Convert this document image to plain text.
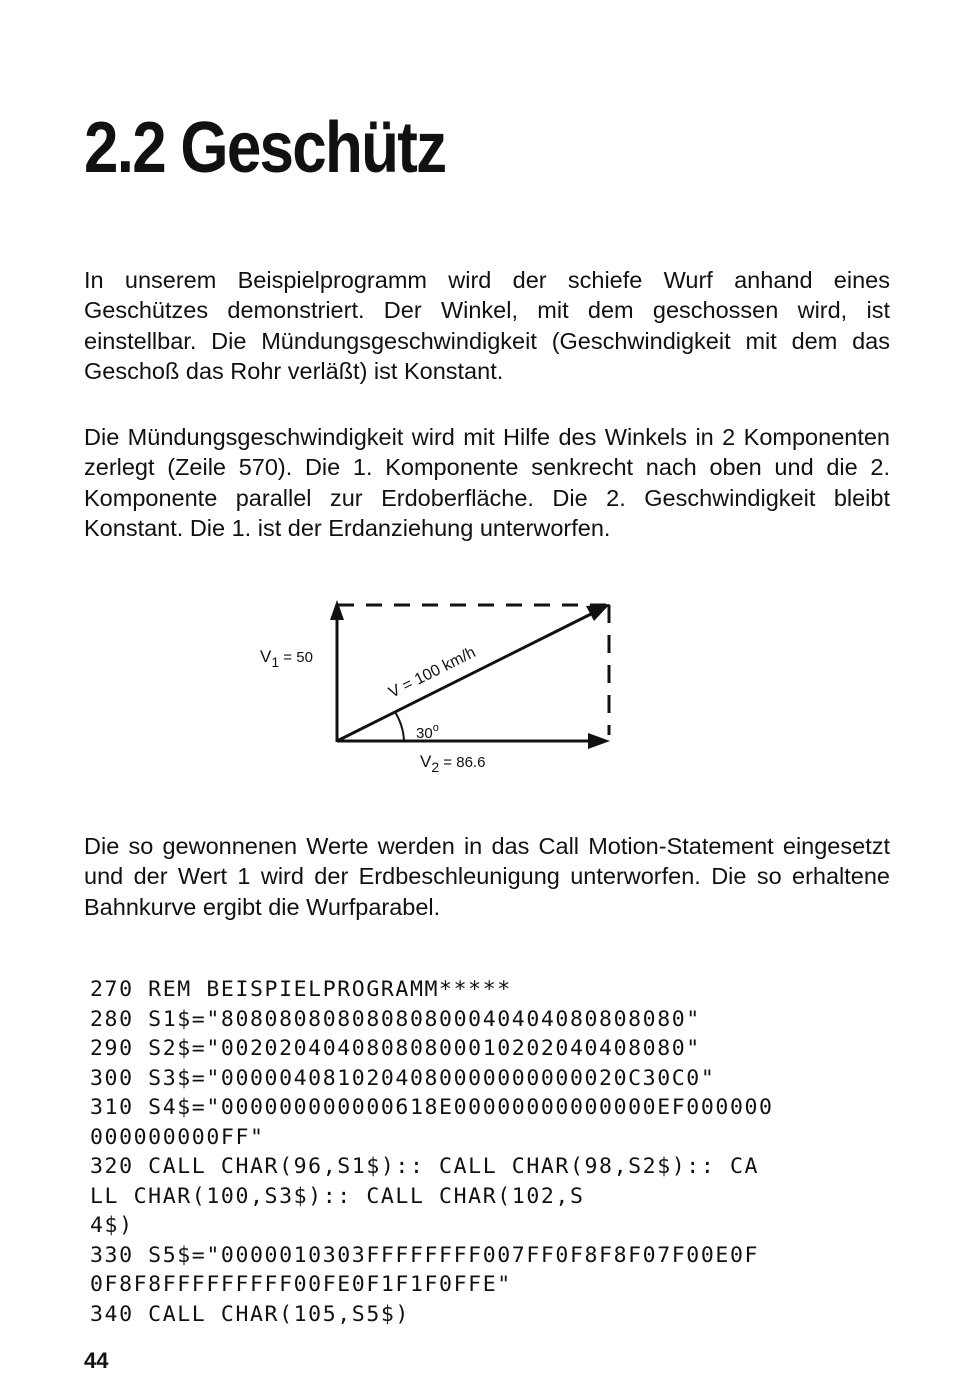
2.2 Geschütz

In unserem Beispielprogramm wird der schiefe Wurf anhand eines Geschützes demonstriert. Der Winkel, mit dem geschossen wird, ist einstellbar. Die Mündungsgeschwindigkeit (Geschwindigkeit mit dem das Geschoß das Rohr verläßt) ist Konstant.

Die Mündungsgeschwindigkeit wird mit Hilfe des Winkels in 2 Komponenten zerlegt (Zeile 570). Die 1. Komponente senkrecht nach oben und die 2. Komponente parallel zur Erdoberfläche. Die 2. Geschwindigkeit bleibt Konstant. Die 1. ist der Erdanziehung unterworfen.

$V_1 = 50$
$V_2 = 86.6$
V = 100 km/h
30$^o$

Die so gewonnenen Werte werden in das Call Motion-Statement eingesetzt und der Wert 1 wird der Erdbeschleunigung unterworfen. Die so erhaltene Bahnkurve ergibt die Wurfparabel.

270 REM BEISPIELPROGRAMM*****
280 S1$="80808080808080800040404080808080"
290 S2$="00202040408080800010202040408080"
300 S3$="0000040810204080000000000020C30C0"
310 S4$="000000000000618E00000000000000EF000000
000000000FF"
320 CALL CHAR(96,S1$):: CALL CHAR(98,S2$):: CA
LL CHAR(100,S3$):: CALL CHAR(102,S
4$)
330 S5$="0000010303FFFFFFFF007FF0F8F8F07F00E0F
0F8F8FFFFFFFFF00FE0F1F1F0FFE"
340 CALL CHAR(105,S5$)
44
